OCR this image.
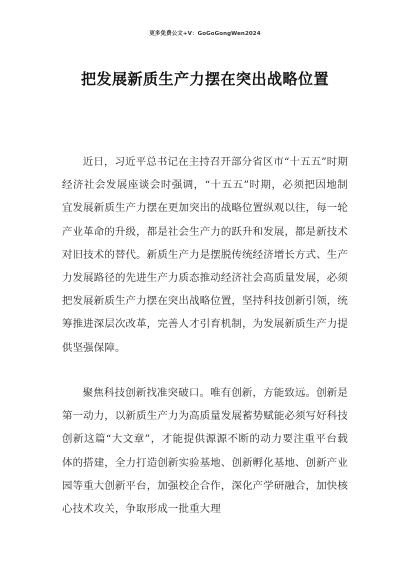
更多免费公文+V：GoGoGongWen2024
把发展新质生产力摆在突出战略位置
近日，习近平总书记在主持召开部分省区市“十五五”时期经济社会发展座谈会时强调，“十五五”时期，必须把因地制宜发展新质生产力摆在更加突出的战略位置纵观以往，每一轮产业革命的升级，都是社会生产力的跃升和发展，都是新技术对旧技术的替代。新质生产力是摆脱传统经济增长方式、生产力发展路径的先进生产力质态推动经济社会高质量发展，必须把发展新质生产力摆在突出战略位置，坚持科技创新引领，统筹推进深层次改革，完善人才引育机制，为发展新质生产力提供坚强保障。
聚焦科技创新找准突破口。唯有创新，方能致远。创新是第一动力，以新质生产力为高质量发展蓄势赋能必须写好科技创新这篇“大文章”，才能提供源源不断的动力要注重平台载体的搭建，全力打造创新实验基地、创新孵化基地、创新产业园等重大创新平台，加强校企合作，深化产学研融合，加快核心技术攻关，争取形成一批重大理
